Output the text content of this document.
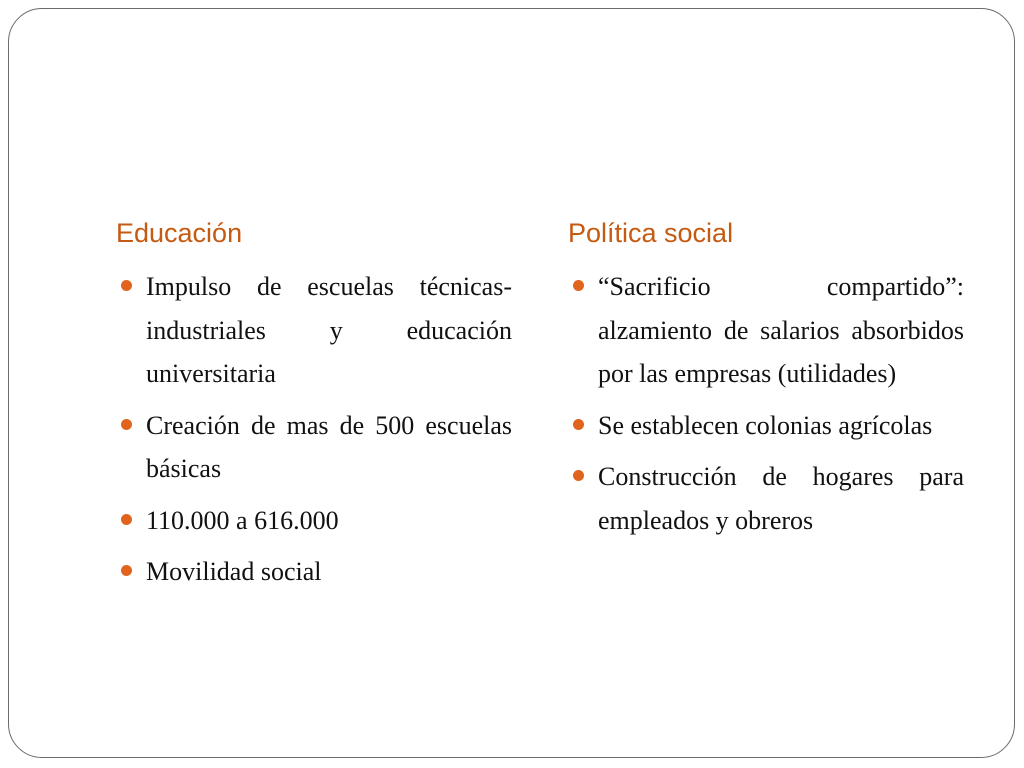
Educación
Impulso de escuelas técnicas-industriales y educación universitaria
Creación de mas de 500 escuelas básicas
110.000 a 616.000
Movilidad social
Política social
“Sacrificio compartido”: alzamiento de salarios absorbidos por las empresas (utilidades)
Se establecen colonias agrícolas
Construcción de hogares para empleados y obreros
